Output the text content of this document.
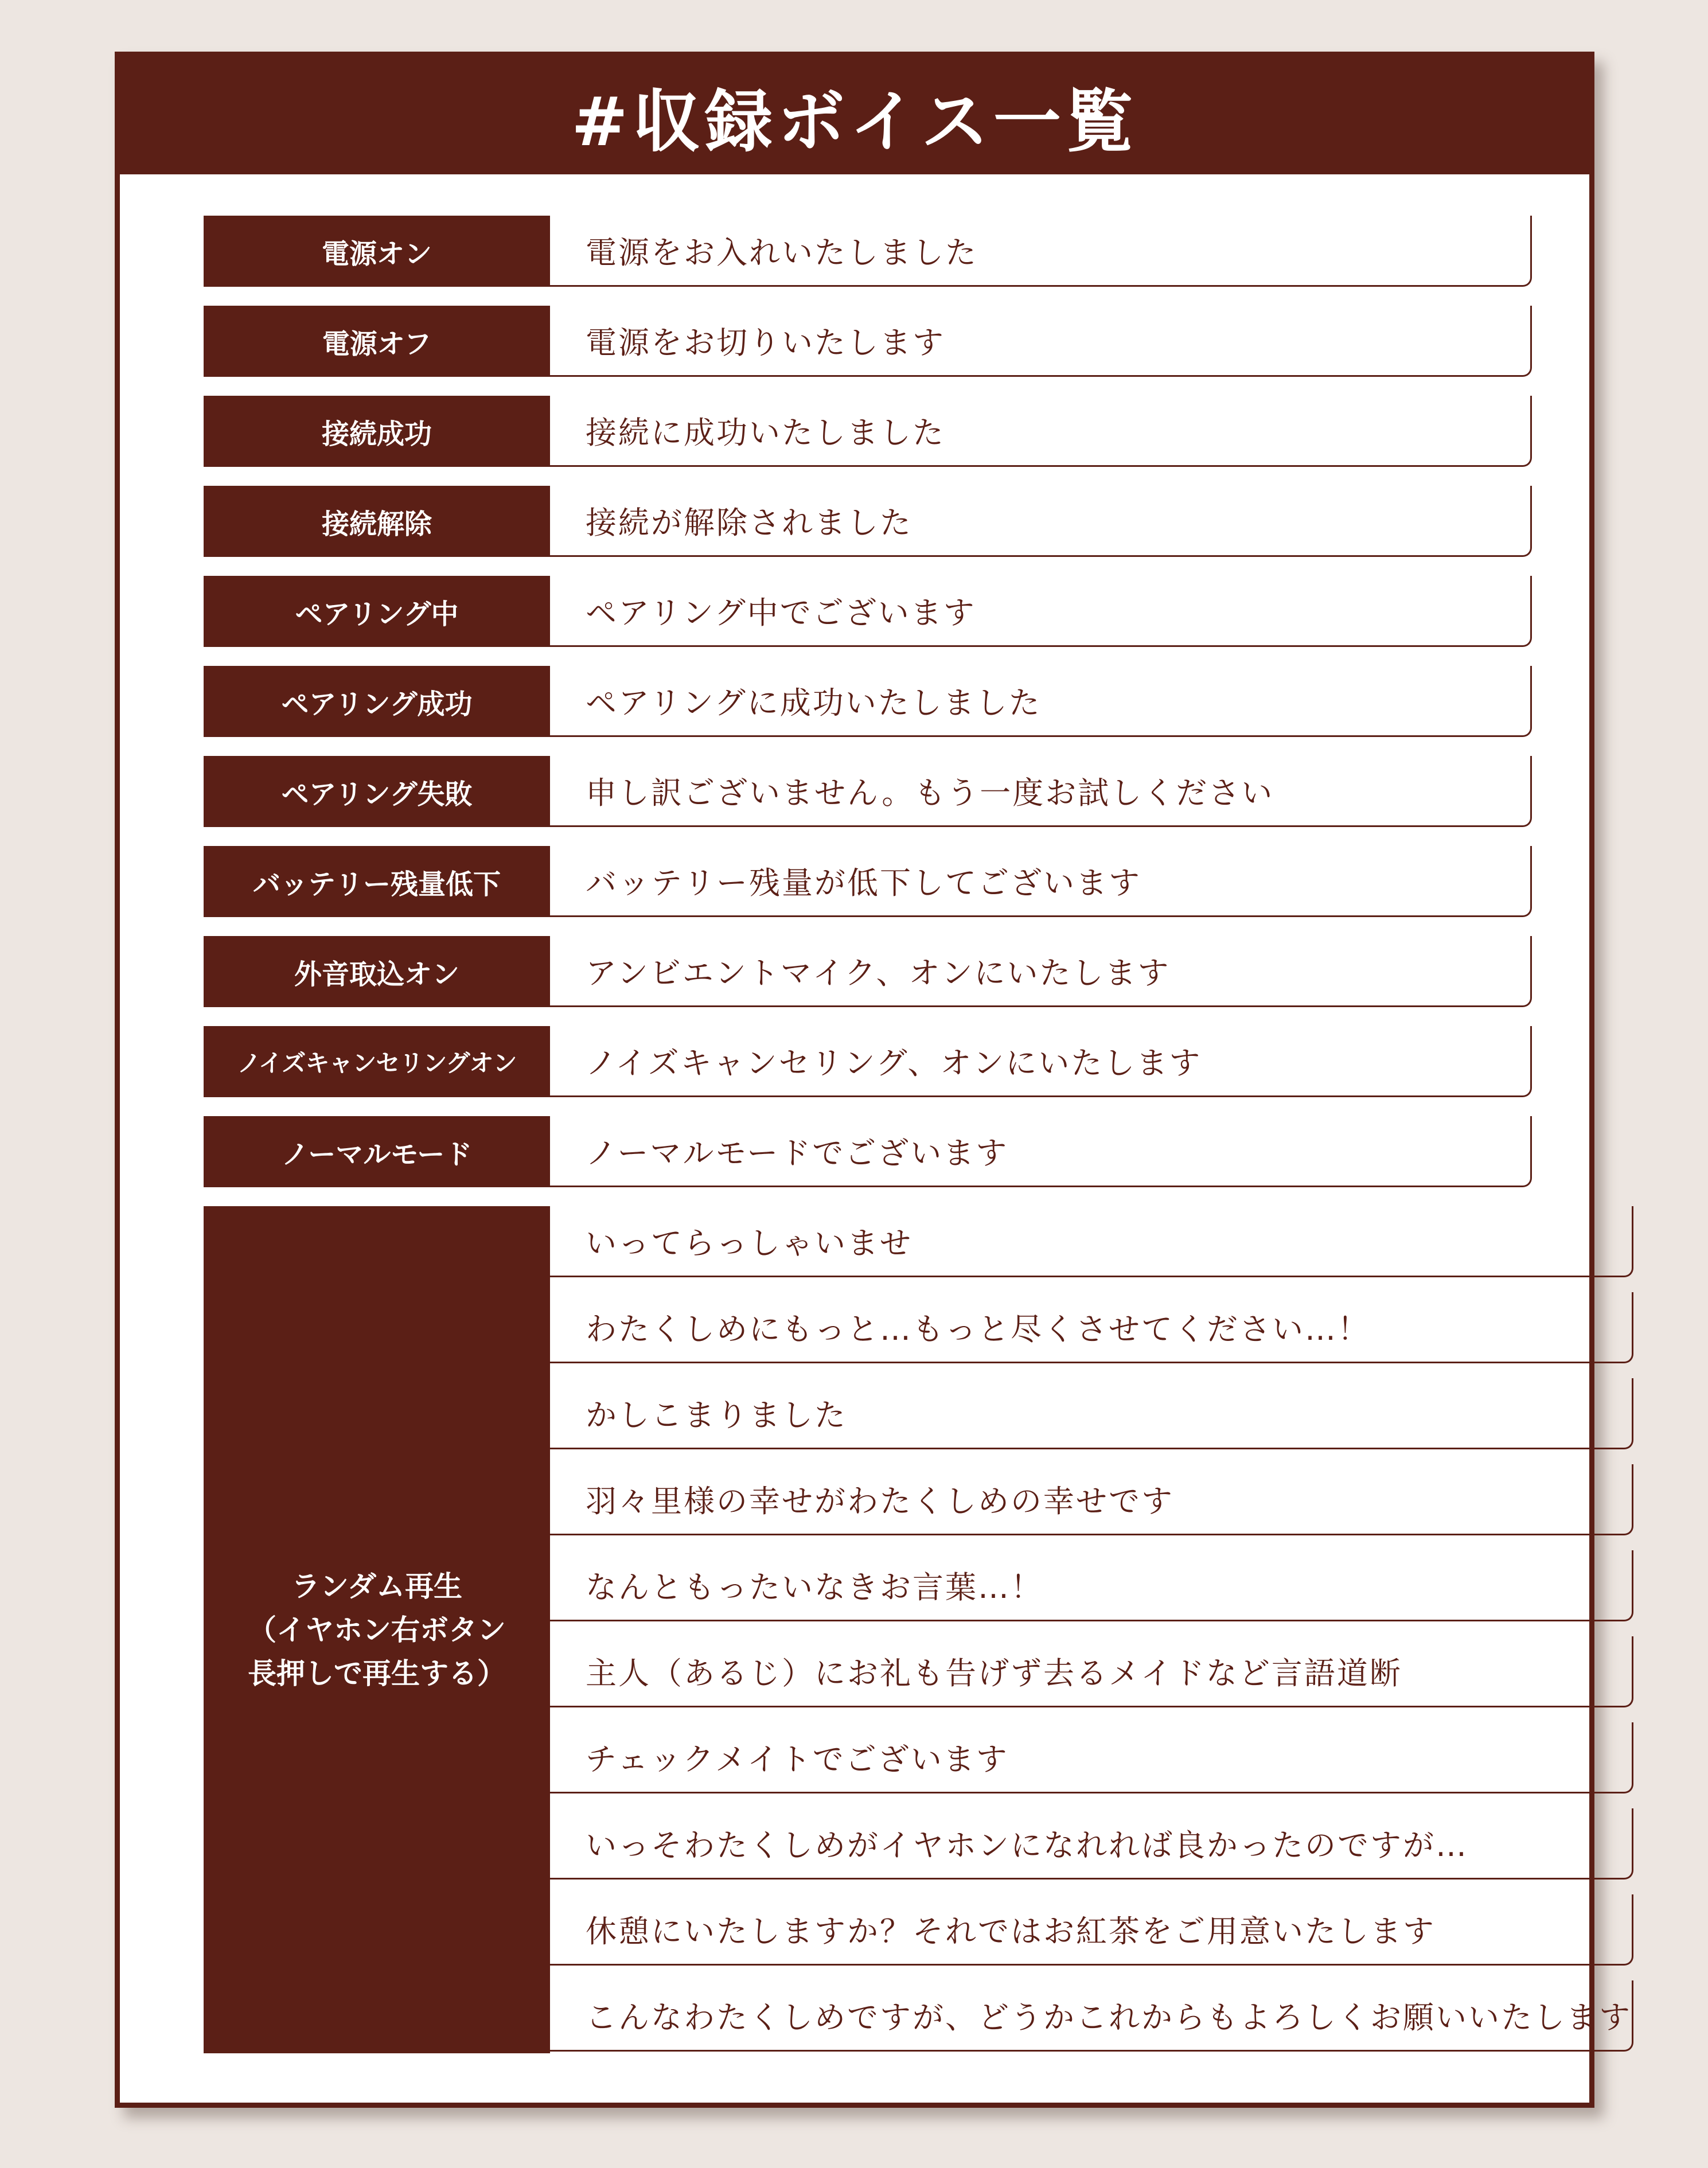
#収録ボイス一覧
電源オン	電源をお入れいたしました
電源オフ	電源をお切りいたします
接続成功	接続に成功いたしました
接続解除	接続が解除されました
ペアリング中	ペアリング中でございます
ペアリング成功	ペアリングに成功いたしました
ペアリング失敗	申し訳ございません。もう一度お試しください
バッテリー残量低下	バッテリー残量が低下してございます
外音取込オン	アンビエントマイク、オンにいたします
ノイズキャンセリングオン	ノイズキャンセリング、オンにいたします
ノーマルモード	ノーマルモードでございます
ランダム再生
（イヤホン右ボタン
長押しで再生する）
いってらっしゃいませ
わたくしめにもっと…もっと尽くさせてください…！
かしこまりました
羽々里様の幸せがわたくしめの幸せです
なんともったいなきお言葉…！
主人（あるじ）にお礼も告げず去るメイドなど言語道断
チェックメイトでございます
いっそわたくしめがイヤホンになれれば良かったのですが…
休憩にいたしますか？それではお紅茶をご用意いたします
こんなわたくしめですが、どうかこれからもよろしくお願いいたします
